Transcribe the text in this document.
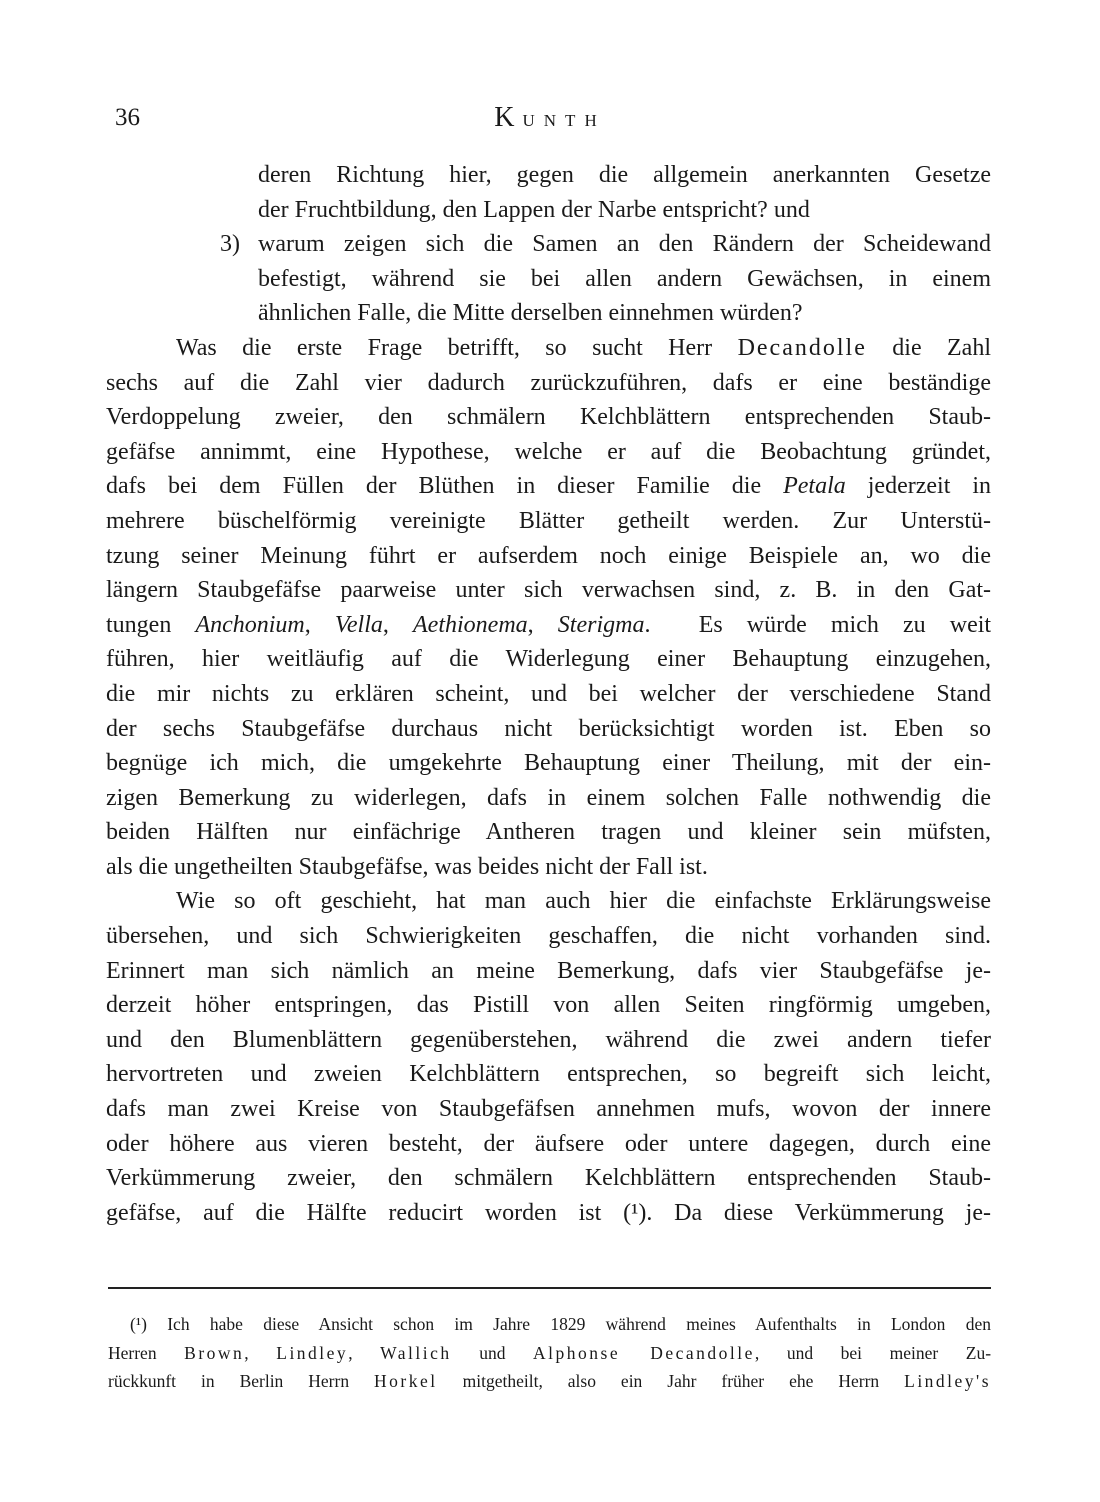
36	KUNTH
deren Richtung hier, gegen die allgemein anerkannten Gesetze
der Fruchtbildung, den Lappen der Narbe entspricht? und
3) warum zeigen sich die Samen an den Rändern der Scheidewand
befestigt, während sie bei allen andern Gewächsen, in einem
ähnlichen Falle, die Mitte derselben einnehmen würden?
Was die erste Frage betrifft, so sucht Herr Decandolle die Zahl
sechs auf die Zahl vier dadurch zurückzuführen, dafs er eine beständige
Verdoppelung zweier, den schmälern Kelchblättern entsprechenden Staub-
gefäfse annimmt, eine Hypothese, welche er auf die Beobachtung gründet,
dafs bei dem Füllen der Blüthen in dieser Familie die Petala jederzeit in
mehrere büschelförmig vereinigte Blätter getheilt werden. Zur Unterstü-
tzung seiner Meinung führt er aufserdem noch einige Beispiele an, wo die
längern Staubgefäfse paarweise unter sich verwachsen sind, z. B. in den Gat-
tungen Anchonium, Vella, Aethionema, Sterigma.  Es würde mich zu weit
führen, hier weitläufig auf die Widerlegung einer Behauptung einzugehen,
die mir nichts zu erklären scheint, und bei welcher der verschiedene Stand
der sechs Staubgefäfse durchaus nicht berücksichtigt worden ist. Eben so
begnüge ich mich, die umgekehrte Behauptung einer Theilung, mit der ein-
zigen Bemerkung zu widerlegen, dafs in einem solchen Falle nothwendig die
beiden Hälften nur einfächrige Antheren tragen und kleiner sein müfsten,
als die ungetheilten Staubgefäfse, was beides nicht der Fall ist.
Wie so oft geschieht, hat man auch hier die einfachste Erklärungsweise
übersehen, und sich Schwierigkeiten geschaffen, die nicht vorhanden sind.
Erinnert man sich nämlich an meine Bemerkung, dafs vier Staubgefäfse je-
derzeit höher entspringen, das Pistill von allen Seiten ringförmig umgeben,
und den Blumenblättern gegenüberstehen, während die zwei andern tiefer
hervortreten und zweien Kelchblättern entsprechen, so begreift sich leicht,
dafs man zwei Kreise von Staubgefäfsen annehmen mufs, wovon der innere
oder höhere aus vieren besteht, der äufsere oder untere dagegen, durch eine
Verkümmerung zweier, den schmälern Kelchblättern entsprechenden Staub-
gefäfse, auf die Hälfte reducirt worden ist (¹). Da diese Verkümmerung je-
(¹) Ich habe diese Ansicht schon im Jahre 1829 während meines Aufenthalts in London den
Herren Brown, Lindley, Wallich und Alphonse Decandolle, und bei meiner Zu-
rückkunft in Berlin Herrn Horkel mitgetheilt, also ein Jahr früher ehe Herrn Lindley's
